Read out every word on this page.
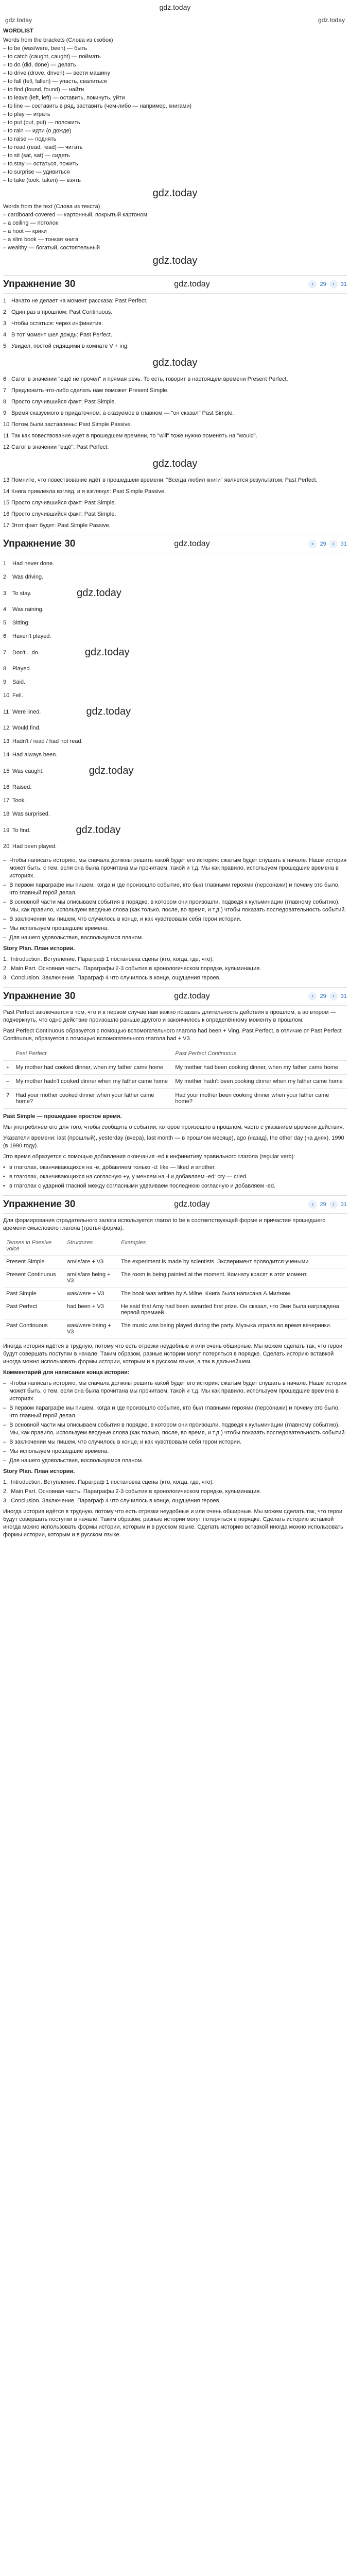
gdz.today
gdz.today	gdz.today
WORDLIST

Words from the brackets (Слова из скобок)

– to be (was/were, been) — быть

– to catch (caught, caught) — поймать

– to do (did, done) — делать

– to drive (drove, driven) — вести машину

– to fall (fell, fallen) — упасть, свалиться

– to find (found, found) — найти

– to leave (left, left) — оставить, покинуть, уйти

– to line — составить в ряд, заставить (чем-либо — например, книгами)

– to play — играть

– to put (put, put) — положить

– to rain — идти (о дожде)

– to raise — поднять

– to read (read, read) — читать

– to sit (sat, sat) — сидеть

– to stay — остаться, пожить

– to surprise — удивиться

– to take (took, taken) — взять

gdz.today

Words from the text (Слова из текста)

– cardboard-covered — картонный, покрытый картоном

– a ceiling — потолок

– a hoot — крики

– a slim book — тонкая книга

– wealthy — богатый, состоятельный

gdz.today
Упражнение 30	gdz.today	‹	29	›	31
1 Начато не делает на момент рассказа: Past Perfect.
2 Один раз в прошлом: Past Continuous.
3 Чтобы остаться: через инфинитив.
4 В тот момент шел дождь: Past Perfect.
5 Увидел, постой сидящими в комнате V + ing.
gdz.today
6 Сатог в значении "ещё не прочел" и прямая речь. То есть, говорит в настоящем времени Present Perfect.
7 Предложить что-либо сделать нам поможет Present Simple.
8 Просто случившийся факт: Past Simple.
9 Время сказуемого в придаточном, а сказуемое в главном — "он сказал" Past Simple.
10 Потом были заставлены: Past Simple Passive.
11 Так как повествование идёт в прошедшем времени, то "will" тоже нужно поменять на "would".
12 Сатог в значении "ещё": Past Perfect.
gdz.today
13 Помните, что повествование идёт в прошедшем времени. "Всегда любил книги" является результатом: Past Perfect.
14 Книга привлекла взгляд, и я взглянул: Past Simple Passive.
15 Просто случившийся факт: Past Simple.
16 Просто случившийся факт: Past Simple.
17 Этот факт будет: Past Simple Passive.
Упражнение 30	gdz.today	‹	29	›	31
1	Had never done.
2	Was driving.
3	To stay.	gdz.today
4	Was raining.
5	Sitting.
6	Haven't played.
7	Don't... do.	gdz.today
8	Played.
9	Said.
10 Fell.
11 Were lined.	gdz.today
12 Would find.
13 Hadn't / read / had not read.
14 Had always been.
15 Was caught.	gdz.today
16 Raised.
17 Took.
18 Was surprised.
19 To find.	gdz.today
20 Had been played.
– Чтобы написать историю, мы сначала должны решить какой будет его история: сжатым будет слушать в начале. Наше история может быть, с тем, если она была прочитана мы прочитаем, такой и т.д. Мы как правило, используем прошедшие времена в историях.
– В первом параграфе мы пишем, когда и где произошло событие, кто был главными героями (персонажи) и почему это было, что главный герой делал.
– В основной части мы описываем события в порядке, в котором они произошли, подведя к кульминации (главному событию). Мы, как правило, используем вводные слова (как только, после, во время, и т.д.) чтобы показать последовательность событий.
– В заключении мы пишем, что случилось в конце, и как чувствовали себя герои истории.
– Мы используем прошедшие времена.
– Для нашего удовольствия, воспользуемся планом.

Story Plan. План истории.

1. Introduction. Вступление. Параграф 1 постановка сцены (кто, когда, где, что).
2. Main Part. Основная часть. Параграфы 2-3 события в хронологическом порядке, кульминация.
3. Conclusion. Заключение. Параграф 4 что случилось в конце, ощущения героев.
Упражнение 30	gdz.today	‹	29	›	31

Past Perfect заключается в том, что и в первом случае нам важно показать длительность действия в прошлом, а во втором — подчеркнуть, что одно действие произошло раньше другого и закончилось к определённому моменту в прошлом.

Past Perfect Continuous образуется с помощью вспомогательного глагола had been + Ving. Past Perfect, в отличие от Past Perfect Continuous, образуется с помощью вспомогательного глагола had + V3.

	Past Perfect	Past Perfect Continuous
+	My mother had cooked dinner, when my father came home	My mother had been cooking dinner, when my father came home
–	My mother hadn't cooked dinner when my father came home	My mother hadn't been cooking dinner when my father came home
?	Had your mother cooked dinner when your father came home?	Had your mother been cooking dinner when your father came home?

Past Simple — прошедшее простое время.

Мы употребляем его для того, чтобы сообщить о событии, которое произошло в прошлом, часто с указанием времени действия.

Указатели времени: last (прошлый), yesterday (вчера), last month — в прошлом месяце), ago (назад), the other day (на днях), 1990 (в 1990 году).

Это время образуется с помощью добавления окончания -ed к инфинитиву правильного глагола (regular verb):

• в глаголах, оканчивающихся на -e, добавляем только -d: like — liked и another.
• в глаголах, оканчивающихся на согласную +y, у меняем на -i и добавляем -ed: cry — cried.
• в глаголах с ударной гласной между согласными удваиваем последнюю согласную и добавляем -ed.
Упражнение 30	gdz.today	‹	29	›	31

Для формирования страдательного залога используется глагол to be в соответствующей форме и причастие прошедшего времени смыслового глагола (третья форма).

Tenses in Passive voice	Structures	Examples
Present Simple	am/is/are + V3	The experiment is made by scientists. Эксперимент проводится учеными.
Present Continuous	am/is/are being + V3	The room is being painted at the moment. Комнату красят в этот момент.
Past Simple	was/were + V3	The book was written by A.Milne. Книга была написана А.Милном.
Past Perfect	had been + V3	He said that Amy had been awarded first prize. Он сказал, что Эми была награждена первой премией.
Past Continuous	was/were being + V3	The music was being played during the party. Музыка играла во время вечеринки.

Иногда история идётся в трудную, потому что есть отрезки неудобные и или очень обширные. Мы можем сделать так, что герои будут совершать поступки в начале. Таким образом, разные истории могут потеряться в порядке. Сделать историю вставкой иногда можно использовать формы истории, которым и в русском языке, а так в дальнейшем.

Комментарий для написания конца истории:

– Чтобы написать историю, мы сначала должны решить какой будет его история: сжатым будет слушать в начале. Наше история может быть, с тем, если она была прочитана мы прочитаем, такой и т.д. Мы как правило, используем прошедшие времена в историях.
– В первом параграфе мы пишем, когда и где произошло событие, кто был главными героями (персонажи) и почему это было, что главный герой делал.
– В основной части мы описываем события в порядке, в котором они произошли, подведя к кульминации (главному событию). Мы, как правило, используем вводные слова (как только, после, во время, и т.д.) чтобы показать последовательность событий.
– В заключении мы пишем, что случилось в конце, и как чувствовали себя герои истории.
– Мы используем прошедшие времена.
– Для нашего удовольствия, воспользуемся планом.

Story Plan. План истории.

1. Introduction. Вступление. Параграф 1 постановка сцены (кто, когда, где, что).
2. Main Part. Основная часть. Параграфы 2-3 события в хронологическом порядке, кульминация.
3. Conclusion. Заключение. Параграф 4 что случилось в конце, ощущения героев.

Иногда история идётся в трудную, потому что есть отрезки неудобные и или очень обширные. Мы можем сделать так, что герои будут совершать поступки в начале. Таким образом, разные истории могут потеряться в порядке. Сделать историю вставкой иногда можно использовать формы истории, которым и в русском языке. Сделать историю вставкой иногда можно использовать формы истории, которым и в русском языке.
